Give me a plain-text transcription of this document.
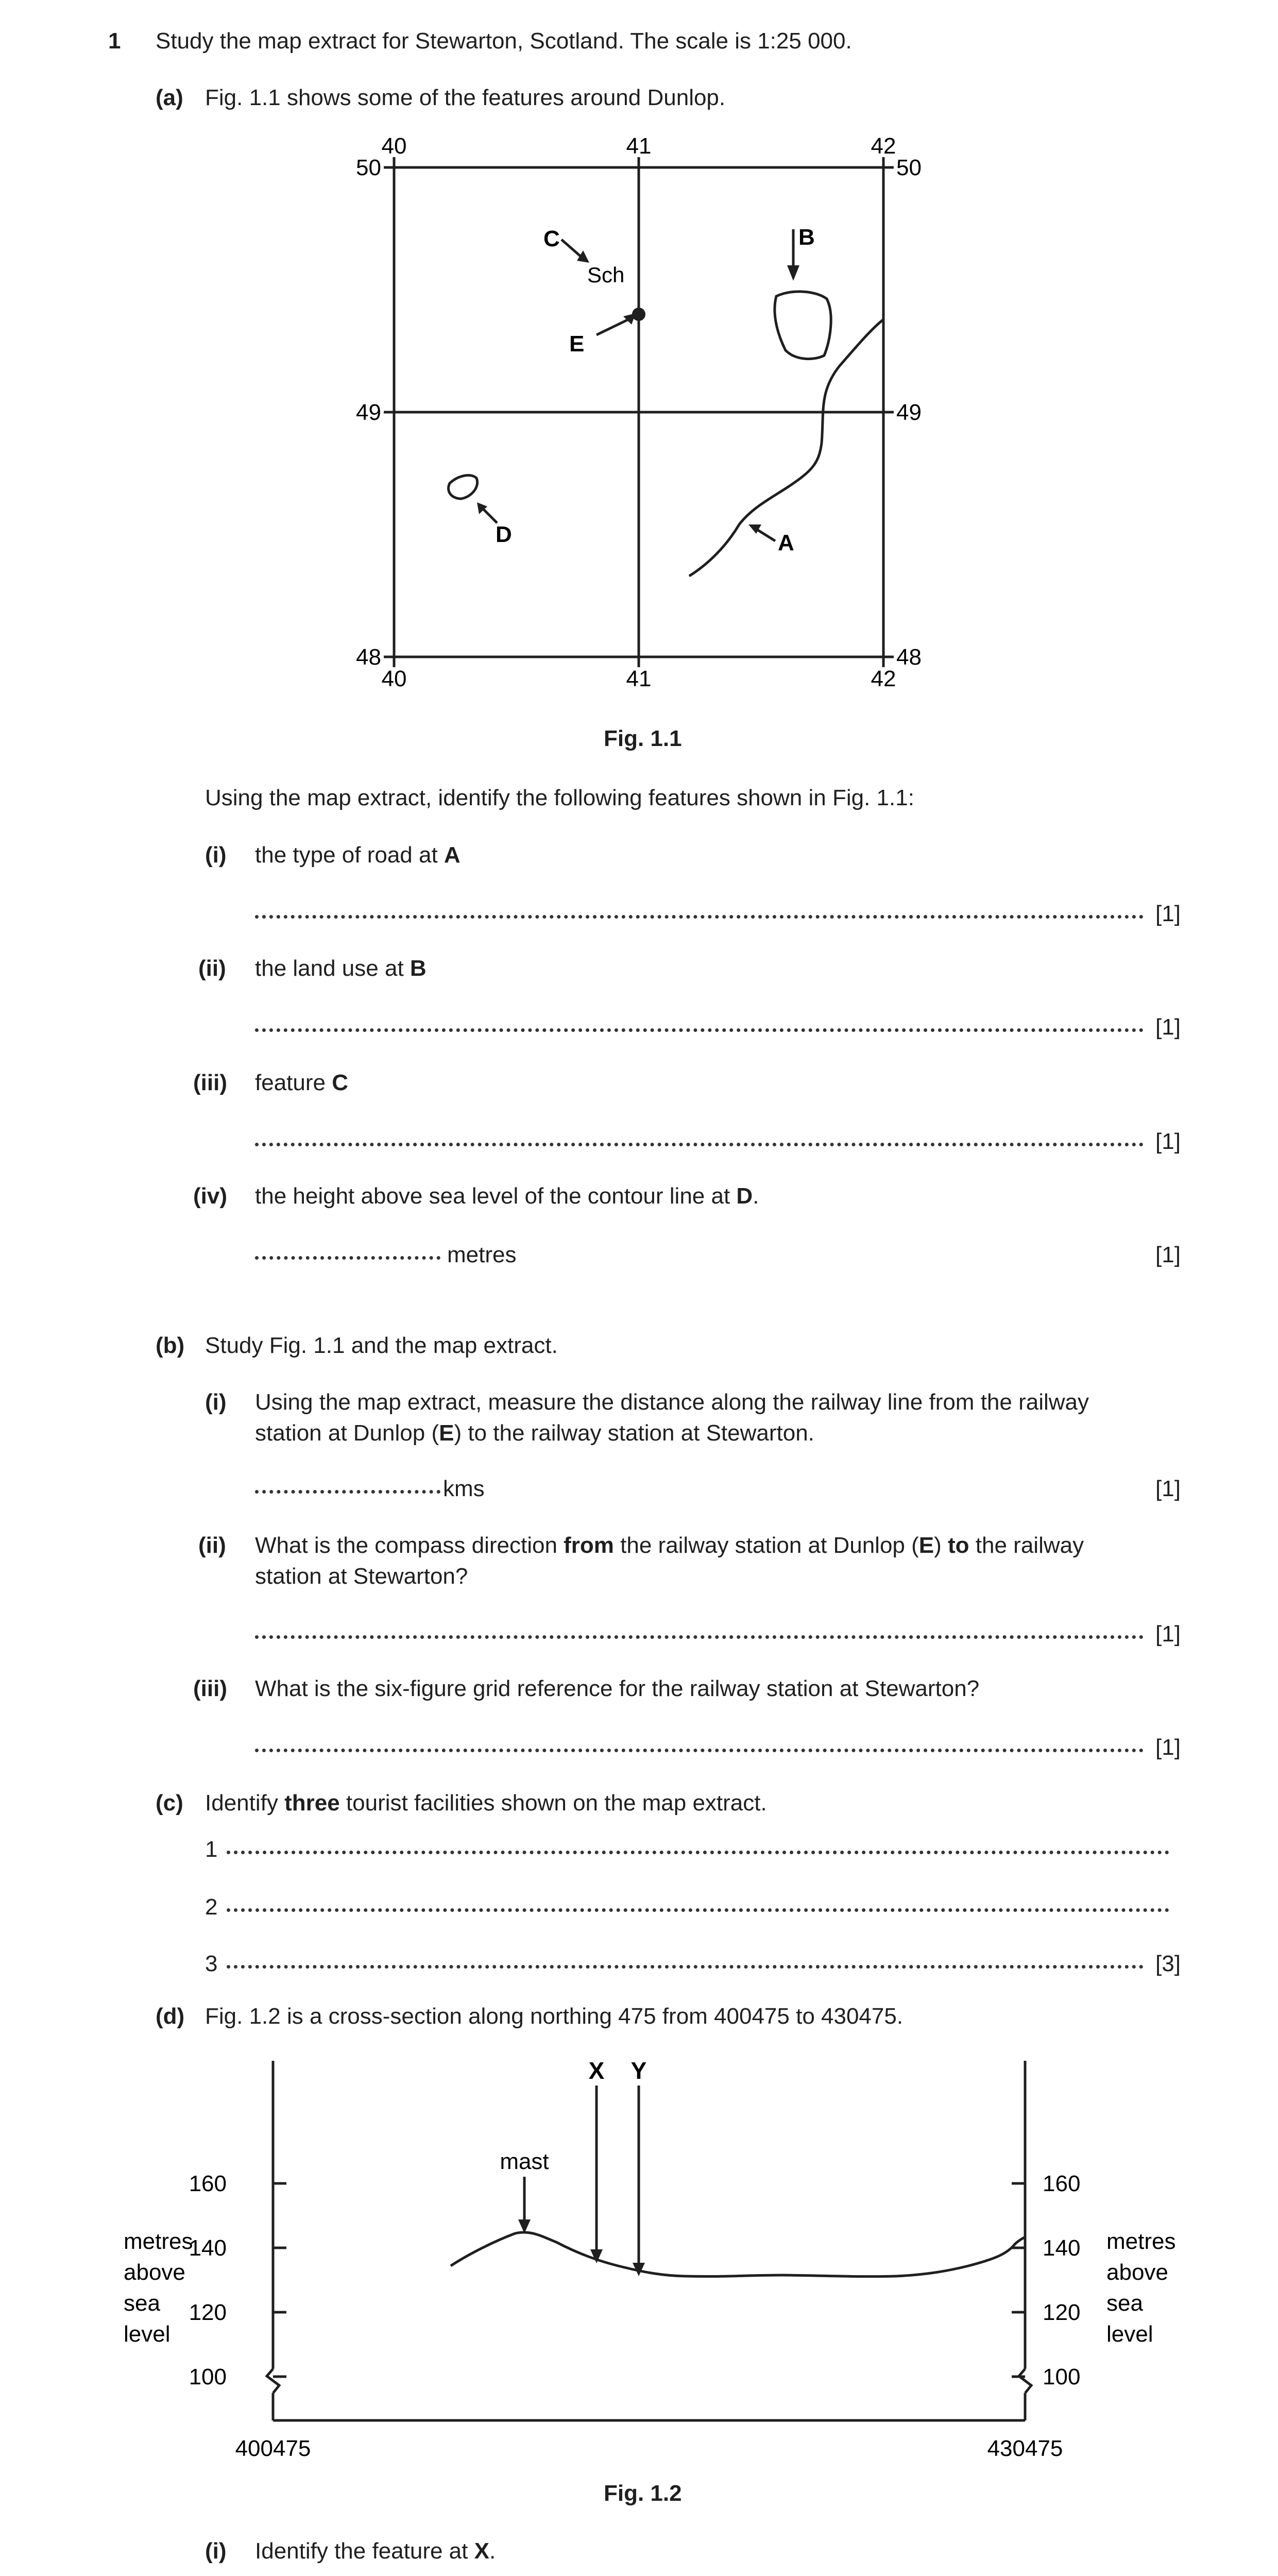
1 Study the map extract for Stewarton, Scotland. The scale is 1:25 000.
(a) Fig. 1.1 shows some of the features around Dunlop.
40	41	42
40	41	42
50
49
48
50
49
48
Sch
C	B
E
A
D
Fig. 1.1
Using the map extract, identify the following features shown in Fig. 1.1:
(i) the type of road at A
[1]
(ii) the land use at B
[1]
(iii) feature C
[1]
(iv) the height above sea level of the contour line at D.
metres	[1]
(b) Study Fig. 1.1 and the map extract.
(i) Using the map extract, measure the distance along the railway line from the railway
station at Dunlop (E) to the railway station at Stewarton.
kms	[1]
(ii) What is the compass direction from the railway station at Dunlop (E) to the railway
station at Stewarton?
[1]
(iii) What is the six-figure grid reference for the railway station at Stewarton?
[1]
(c) Identify three tourist facilities shown on the map extract.
1
2
3	[3]
(d) Fig. 1.2 is a cross-section along northing 475 from 400475 to 430475.
160
140
120
100
160
140
120
100
metres
above
sea
level
metres
above
sea
level
400475	430475
mast
X Y
Fig. 1.2
(i) Identify the feature at X.
